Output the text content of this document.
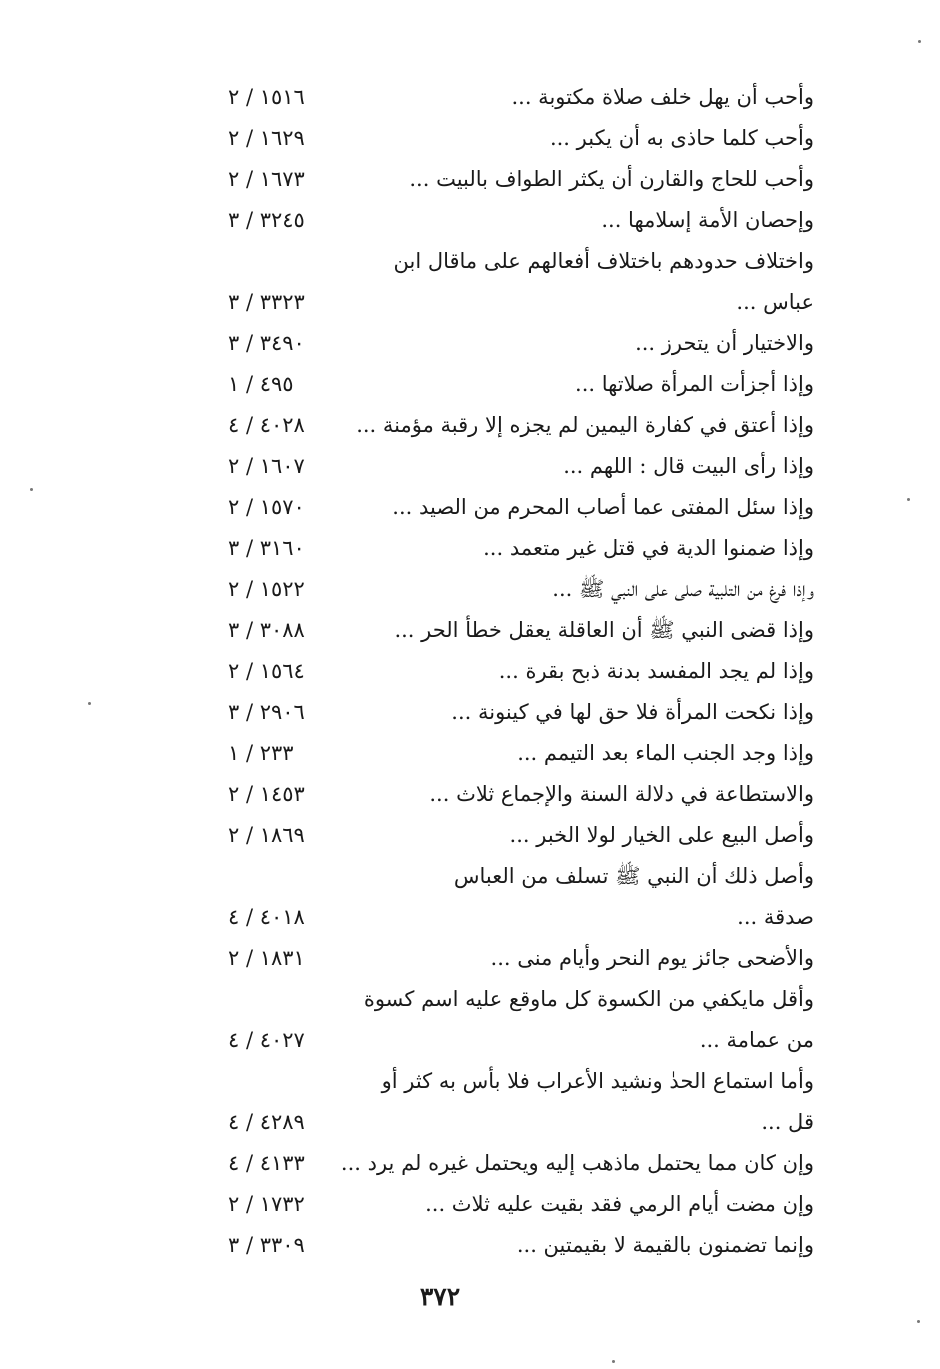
وأحب أن يهل خلف صلاة مكتوبة ...
١٥١٦ / ٢
وأحب كلما حاذى به أن يكبر ...
١٦٢٩ / ٢
وأحب للحاج والقارن أن يكثر الطواف بالبيت ...
١٦٧٣ / ٢
وإحصان الأمة إسلامها ...
٣٢٤٥ / ٣
واختلاف حدودهم باختلاف أفعالهم على ماقال ابن
عباس ...
٣٣٢٣ / ٣
والاختيار أن يتحرز ...
٣٤٩٠ / ٣
وإذا أجزأت المرأة صلاتها ...
٤٩٥ / ١
وإذا أعتق في كفارة اليمين لم يجزه إلا رقبة مؤمنة ...
٤٠٢٨ / ٤
وإذا رأى البيت قال : اللهم ...
١٦٠٧ / ٢
وإذا سئل المفتى عما أصاب المحرم من الصيد ...
١٥٧٠ / ٢
وإذا ضمنوا الدية في قتل غير متعمد ...
٣١٦٠ / ٣
وإذا فرغ من التلبية صلى على النبي ﷺ ...
١٥٢٢ / ٢
وإذا قضى النبي ﷺ أن العاقلة يعقل خطأ الحر ...
٣٠٨٨ / ٣
وإذا لم يجد المفسد بدنة ذبح بقرة ...
١٥٦٤ / ٢
وإذا نكحت المرأة فلا حق لها في كينونة ...
٢٩٠٦ / ٣
وإذا وجد الجنب الماء بعد التيمم ...
٢٣٣ / ١
والاستطاعة في دلالة السنة والإجماع ثلاث ...
١٤٥٣ / ٢
وأصل البيع على الخيار لولا الخبر ...
١٨٦٩ / ٢
وأصل ذلك أن النبي ﷺ تسلف من العباس
صدقة ...
٤٠١٨ / ٤
والأضحى جائز يوم النحر وأيام منى ...
١٨٣١ / ٢
وأقل مايكفي من الكسوة كل ماوقع عليه اسم كسوة
من عمامة ...
٤٠٢٧ / ٤
وأما استماع الحدٰ ونشيد الأعراب فلا بأس به كثر أو
قل ...
٤٢٨٩ / ٤
وإن كان مما يحتمل ماذهب إليه ويحتمل غيره لم يرد ...
٤١٣٣ / ٤
وإن مضت أيام الرمي فقد بقيت عليه ثلاث ...
١٧٣٢ / ٢
وإنما تضمنون بالقيمة لا بقيمتين ...
٣٣٠٩ / ٣
٣٧٢
